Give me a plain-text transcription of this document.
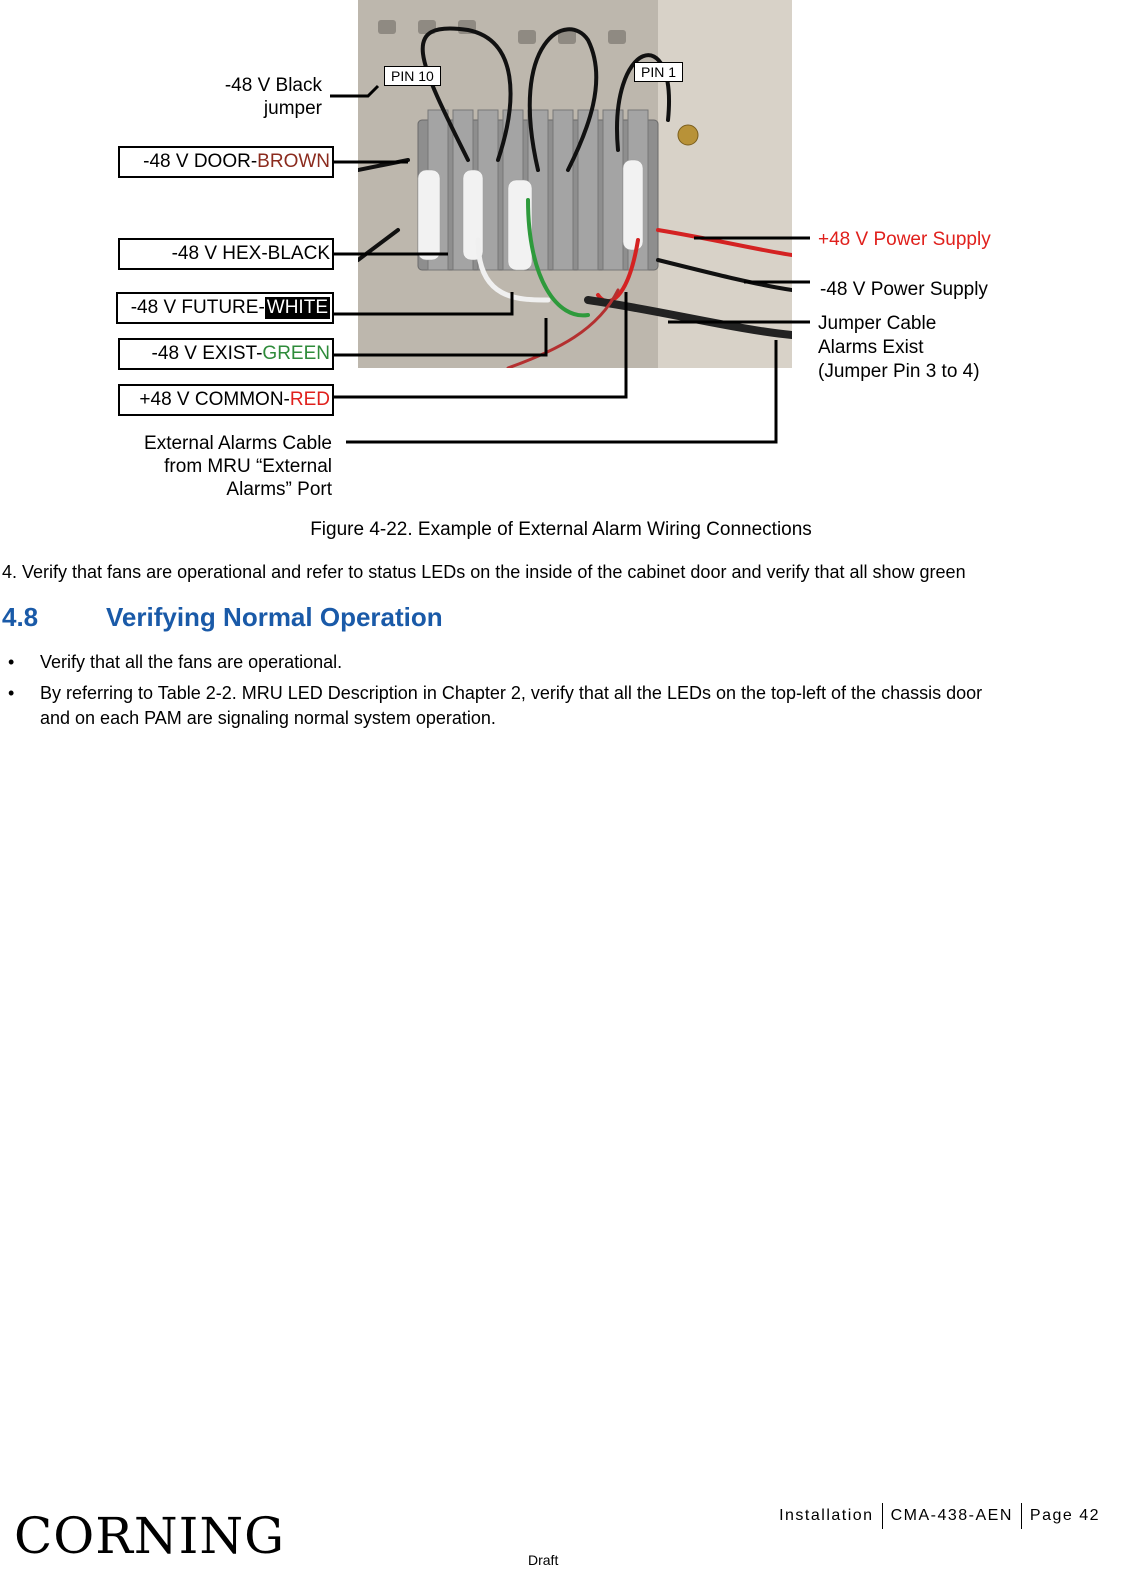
-48 V Black
jumper
-48 V DOOR- BROWN
-48 V HEX-BLACK
-48 V FUTURE- WHITE
-48 V EXIST- GREEN
+48 V COMMON- RED
External Alarms Cable
from MRU “External
Alarms” Port
PIN 10	PIN 1
+48 V Power Supply
-48 V Power Supply
Jumper Cable
Alarms Exist
(Jumper Pin 3 to 4)
Figure 4-22. Example of External Alarm Wiring Connections
4. Verify that fans are operational and refer to status LEDs on the inside of the cabinet door and verify that all show green
4.8	Verifying Normal Operation
• Verify that all the fans are operational.
• By referring to Table 2-2. MRU LED Description in Chapter 2, verify that all the LEDs on the top-left of the chassis door
and on each PAM are signaling normal system operation.
CORNING	Installation CMA-438-AEN Page 42
Draft
